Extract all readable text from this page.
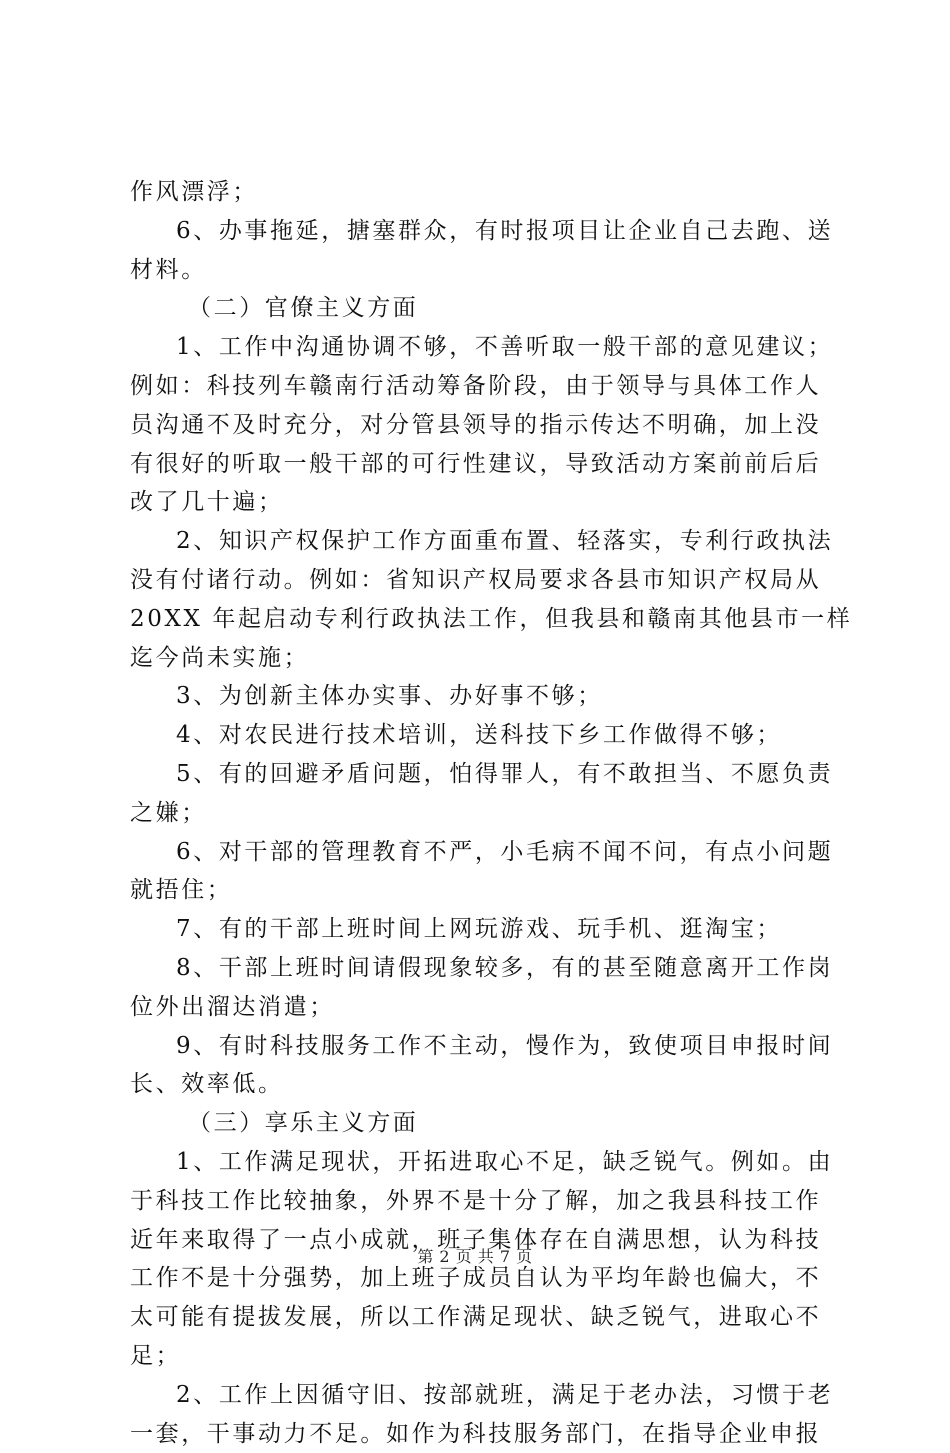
作风漂浮；
6、办事拖延，搪塞群众，有时报项目让企业自己去跑、送
材料。
（二）官僚主义方面
1、工作中沟通协调不够，不善听取一般干部的意见建议；
例如：科技列车赣南行活动筹备阶段，由于领导与具体工作人
员沟通不及时充分，对分管县领导的指示传达不明确，加上没
有很好的听取一般干部的可行性建议，导致活动方案前前后后
改了几十遍；
2、知识产权保护工作方面重布置、轻落实，专利行政执法
没有付诸行动。例如：省知识产权局要求各县市知识产权局从
20XX 年起启动专利行政执法工作，但我县和赣南其他县市一样
迄今尚未实施；
3、为创新主体办实事、办好事不够；
4、对农民进行技术培训，送科技下乡工作做得不够；
5、有的回避矛盾问题，怕得罪人，有不敢担当、不愿负责
之嫌；
6、对干部的管理教育不严，小毛病不闻不问，有点小问题
就捂住；
7、有的干部上班时间上网玩游戏、玩手机、逛淘宝；
8、干部上班时间请假现象较多，有的甚至随意离开工作岗
位外出溜达消遣；
9、有时科技服务工作不主动，慢作为，致使项目申报时间
长、效率低。
（三）享乐主义方面
1、工作满足现状，开拓进取心不足，缺乏锐气。例如。由
于科技工作比较抽象，外界不是十分了解，加之我县科技工作
近年来取得了一点小成就，班子集体存在自满思想，认为科技
工作不是十分强势，加上班子成员自认为平均年龄也偏大，不
太可能有提拔发展，所以工作满足现状、缺乏锐气，进取心不
足；
2、工作上因循守旧、按部就班，满足于老办法，习惯于老
一套，干事动力不足。如作为科技服务部门，在指导企业申报
第 2 页 共 7 页
